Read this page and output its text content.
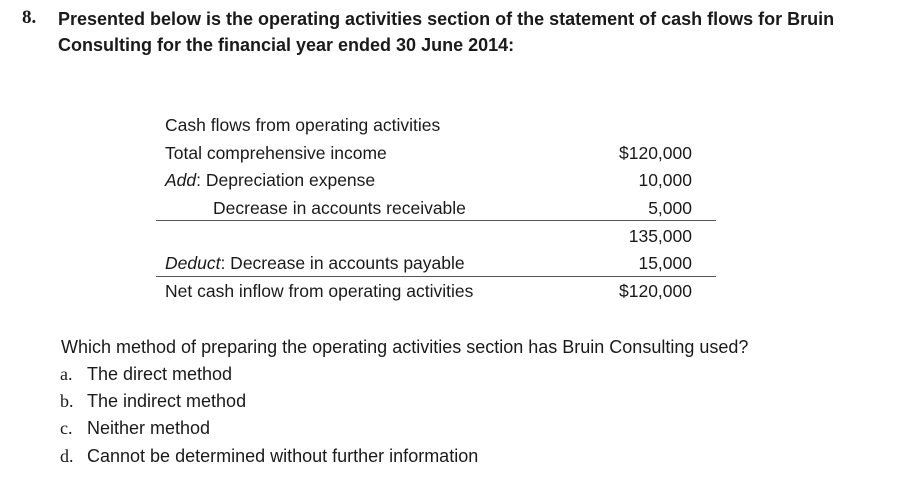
8. Presented below is the operating activities section of the statement of cash flows for Bruin Consulting for the financial year ended 30 June 2014:
Cash flows from operating activities
Total comprehensive income	$120,000
Add: Depreciation expense	10,000
Decrease in accounts receivable	5,000
135,000
Deduct: Decrease in accounts payable	15,000
Net cash inflow from operating activities	$120,000
Which method of preparing the operating activities section has Bruin Consulting used?
a. The direct method
b. The indirect method
c. Neither method
d. Cannot be determined without further information
